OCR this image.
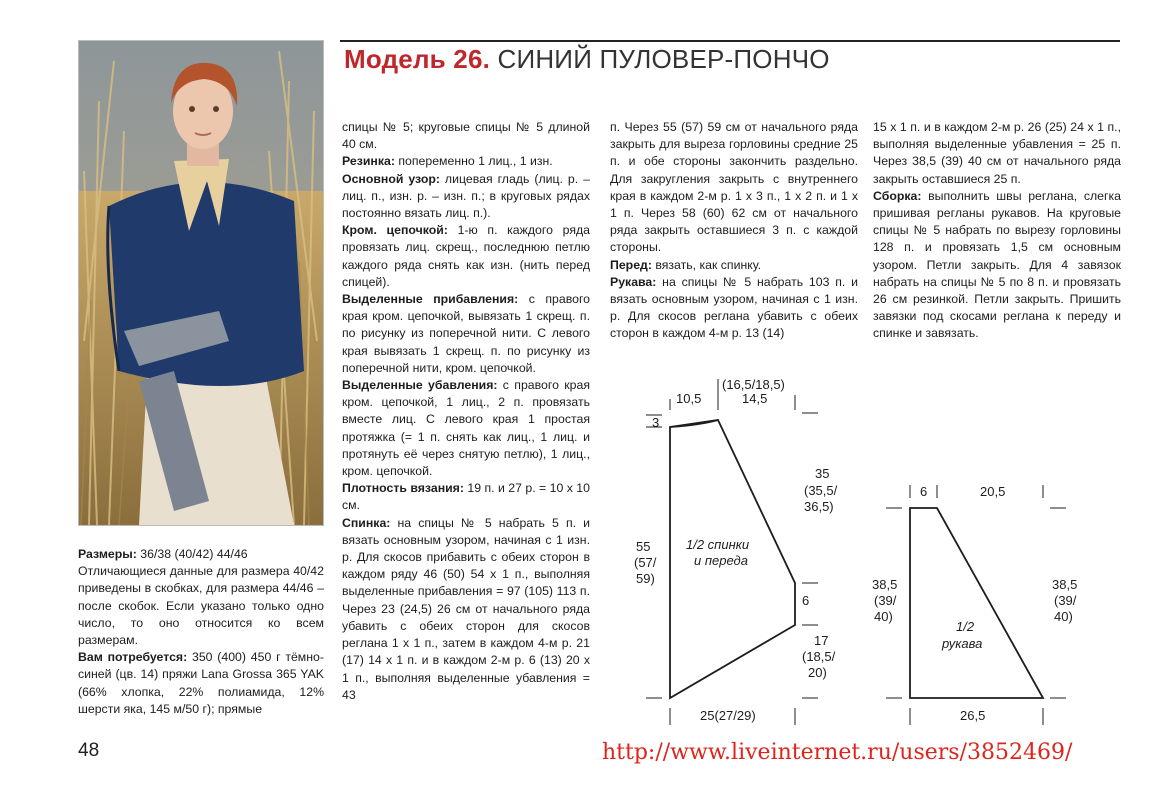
Модель 26. СИНИЙ ПУЛОВЕР-ПОНЧО

Размеры: 36/38 (40/42) 44/46

Отличающиеся данные для размера 40/42 приведены в скобках, для размера 44/46 – после скобок. Если указано только одно число, то оно относится ко всем размерам.

Вам потребуется: 350 (400) 450 г тёмно-синей (цв. 14) пряжи Lana Grossa 365 YAK (66% хлопка, 22% полиамида, 12% шерсти яка, 145 м/50 г); прямые

спицы № 5; круговые спицы № 5 длиной 40 см.

Резинка: попеременно 1 лиц., 1 изн.

Основной узор: лицевая гладь (лиц. р. – лиц. п., изн. р. – изн. п.; в круговых рядах постоянно вязать лиц. п.).

Кром. цепочкой: 1-ю п. каждого ряда провязать лиц. скрещ., последнюю петлю каждого ряда снять как изн. (нить перед спицей).

Выделенные прибавления: с правого края кром. цепочкой, вывязать 1 скрещ. п. по рисунку из поперечной нити. С левого края вывязать 1 скрещ. п. по рисунку из поперечной нити, кром. цепочкой.

Выделенные убавления: с правого края кром. цепочкой, 1 лиц., 2 п. провязать вместе лиц. С левого края 1 простая протяжка (= 1 п. снять как лиц., 1 лиц. и протянуть её через снятую петлю), 1 лиц., кром. цепочкой.

Плотность вязания: 19 п. и 27 р. = 10 x 10 см.

Спинка: на спицы № 5 набрать 5 п. и вязать основным узором, начиная с 1 изн. р. Для скосов прибавить с обеих сторон в каждом ряду 46 (50) 54 x 1 п., выполняя выделенные прибавления = 97 (105) 113 п. Через 23 (24,5) 26 см от начального ряда убавить с обеих сторон для скосов реглана 1 x 1 п., затем в каждом 4-м р. 21 (17) 14 x 1 п. и в каждом 2-м р. 6 (13) 20 x 1 п., выполняя выделенные убавления = 43

п. Через 55 (57) 59 см от начального ряда закрыть для выреза горловины средние 25 п. и обе стороны закончить раздельно. Для закругления закрыть с внутреннего края в каждом 2-м р. 1 x 3 п., 1 x 2 п. и 1 x 1 п. Через 58 (60) 62 см от начального ряда закрыть оставшиеся 3 п. с каждой стороны.

Перед: вязать, как спинку.

Рукава: на спицы № 5 набрать 103 п. и вязать основным узором, начиная с 1 изн. р. Для скосов реглана убавить с обеих сторон в каждом 4-м р. 13 (14)

15 x 1 п. и в каждом 2-м р. 26 (25) 24 x 1 п., выполняя выделенные убавления = 25 п. Через 38,5 (39) 40 см от начального ряда закрыть оставшиеся 25 п.

Сборка: выполнить швы реглана, слегка пришивая регланы рукавов. На круговые спицы № 5 набрать по вырезу горловины 128 п. и провязать 1,5 см основным узором. Петли закрыть. Для 4 завязок набрать на спицы № 5 по 8 п. и провязать 26 см резинкой. Петли закрыть. Пришить завязки под скосами реглана к переду и спинке и завязать.

10,5
(16,5/18,5)
14,5
3
55
(57/
59)
1/2 спинки
и переда
35
(35,5/
36,5)
6
17
(18,5/
20)
25(27/29)
6	20,5
38,5
(39/
40)
38,5
(39/
40)
1/2
рукава
26,5
48	http://www.liveinternet.ru/users/3852469/
